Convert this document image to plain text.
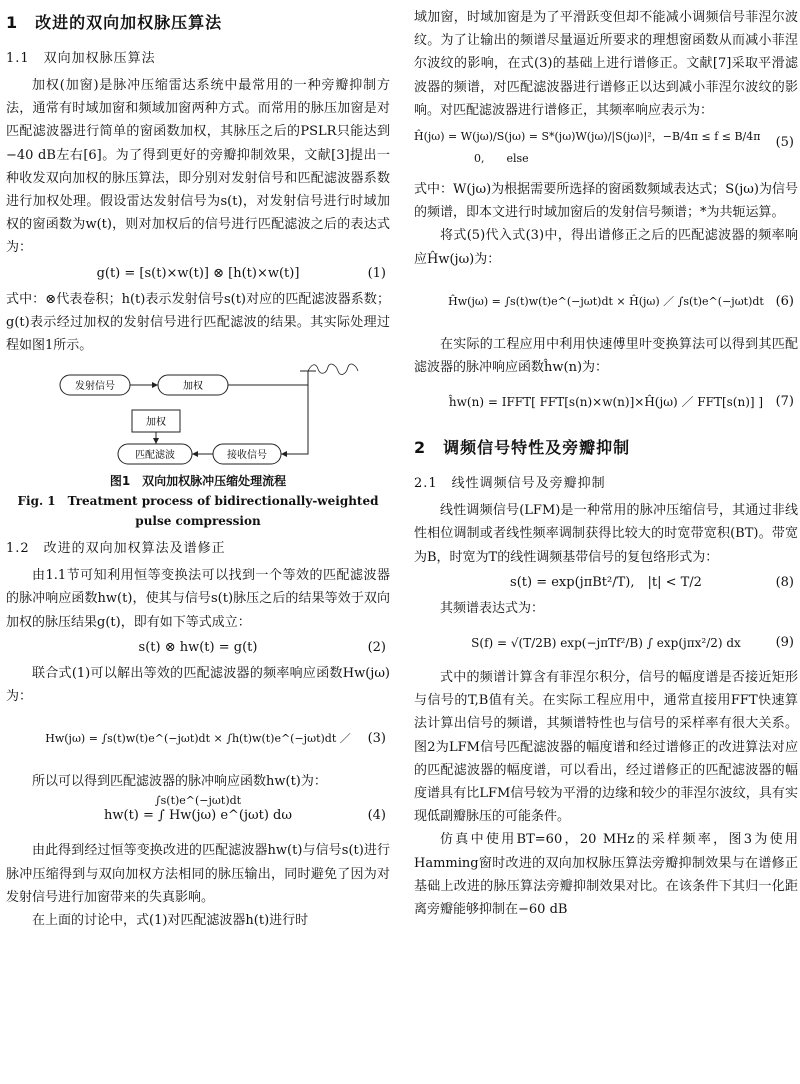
1　改进的双向加权脉压算法
1.1　双向加权脉压算法

加权(加窗)是脉冲压缩雷达系统中最常用的一种旁瓣抑制方法，通常有时域加窗和频域加窗两种方式。而常用的脉压加窗是对匹配滤波器进行简单的窗函数加权，其脉压之后的PSLR只能达到−40 dB左右[6]。为了得到更好的旁瓣抑制效果，文献[3]提出一种收发双向加权的脉压算法，即分别对发射信号和匹配滤波器系数进行加权处理。假设雷达发射信号为s(t)，对发射信号进行时域加权的窗函数为w(t)，则对加权后的信号进行匹配滤波之后的表达式为：

g(t) = [s(t)×w(t)] ⊗ [h(t)×w(t)]	(1)

式中：⊗代表卷积；h(t)表示发射信号s(t)对应的匹配滤波器系数；g(t)表示经过加权的发射信号进行匹配滤波的结果。其实际处理过程如图1所示。

发射信号	加权
加权
匹配滤波	接收信号
图1　双向加权脉冲压缩处理流程
Fig. 1　Treatment process of bidirectionally-weighted
pulse compression
1.2　改进的双向加权算法及谱修正

由1.1节可知利用恒等变换法可以找到一个等效的匹配滤波器的脉冲响应函数hw(t)，使其与信号s(t)脉压之后的结果等效于双向加权的脉压结果g(t)，即有如下等式成立：

s(t) ⊗ hw(t) = g(t)	(2)

联合式(1)可以解出等效的匹配滤波器的频率响应函数Hw(jω)为：

Hw(jω) = ∫s(t)w(t)e^(−jωt)dt × ∫h(t)w(t)e^(−jωt)dt ／ ∫s(t)e^(−jωt)dt
(3)

所以可以得到匹配滤波器的脉冲响应函数hw(t)为：

hw(t) = ∫ Hw(jω) e^(jωt) dω	(4)

由此得到经过恒等变换改进的匹配滤波器hw(t)与信号s(t)进行脉冲压缩得到与双向加权方法相同的脉压输出，同时避免了因为对发射信号进行加窗带来的失真影响。

在上面的讨论中，式(1)对匹配滤波器h(t)进行时

域加窗，时域加窗是为了平滑跃变但却不能减小调频信号菲涅尔波纹。为了让输出的频谱尽量逼近所要求的理想窗函数从而减小菲涅尔波纹的影响，在式(3)的基础上进行谱修正。文献[7]采取平滑滤波器的频谱，对匹配滤波器进行谱修正以达到减小菲涅尔波纹的影响。对匹配滤波器进行谱修正，其频率响应表示为：

Ĥ(jω) = W(jω)/S(jω) = S*(jω)W(jω)/|S(jω)|²，−B/4π ≤ f ≤ B/4π
0,　　else
(5)

式中：W(jω)为根据需要所选择的窗函数频域表达式；S(jω)为信号的频谱，即本文进行时域加窗后的发射信号频谱；*为共轭运算。

将式(5)代入式(3)中，得出谱修正之后的匹配滤波器的频率响应Ĥw(jω)为：

Ĥw(jω) = ∫s(t)w(t)e^(−jωt)dt × Ĥ(jω) ／ ∫s(t)e^(−jωt)dt (6)

在实际的工程应用中利用快速傅里叶变换算法可以得到其匹配滤波器的脉冲响应函数ĥw(n)为：

ĥw(n) = IFFT[ FFT[s(n)×w(n)]×Ĥ(jω) ／ FFT[s(n)] ] (7)
2　调频信号特性及旁瓣抑制
2.1　线性调频信号及旁瓣抑制

线性调频信号(LFM)是一种常用的脉冲压缩信号，其通过非线性相位调制或者线性频率调制获得比较大的时宽带宽积(BT)。带宽为B，时宽为T的线性调频基带信号的复包络形式为：

s(t) = exp(jπBt²/T),　|t| < T/2	(8)

其频谱表达式为：

S(f) = √(T/2B) exp(−jπTf²/B) ∫ exp(jπx²/2) dx	(9)

式中的频谱计算含有菲涅尔积分，信号的幅度谱是否接近矩形与信号的T,B值有关。在实际工程应用中，通常直接用FFT快速算法计算出信号的频谱，其频谱特性也与信号的采样率有很大关系。图2为LFM信号匹配滤波器的幅度谱和经过谱修正的改进算法对应的匹配滤波器的幅度谱，可以看出，经过谱修正的匹配滤波器的幅度谱具有比LFM信号较为平滑的边缘和较少的菲涅尔波纹，具有实现低副瓣脉压的可能条件。

仿真中使用BT=60，20 MHz的采样频率，图3为使用Hamming窗时改进的双向加权脉压算法旁瓣抑制效果与在谱修正基础上改进的脉压算法旁瓣抑制效果对比。在该条件下其归一化距离旁瓣能够抑制在−60 dB
